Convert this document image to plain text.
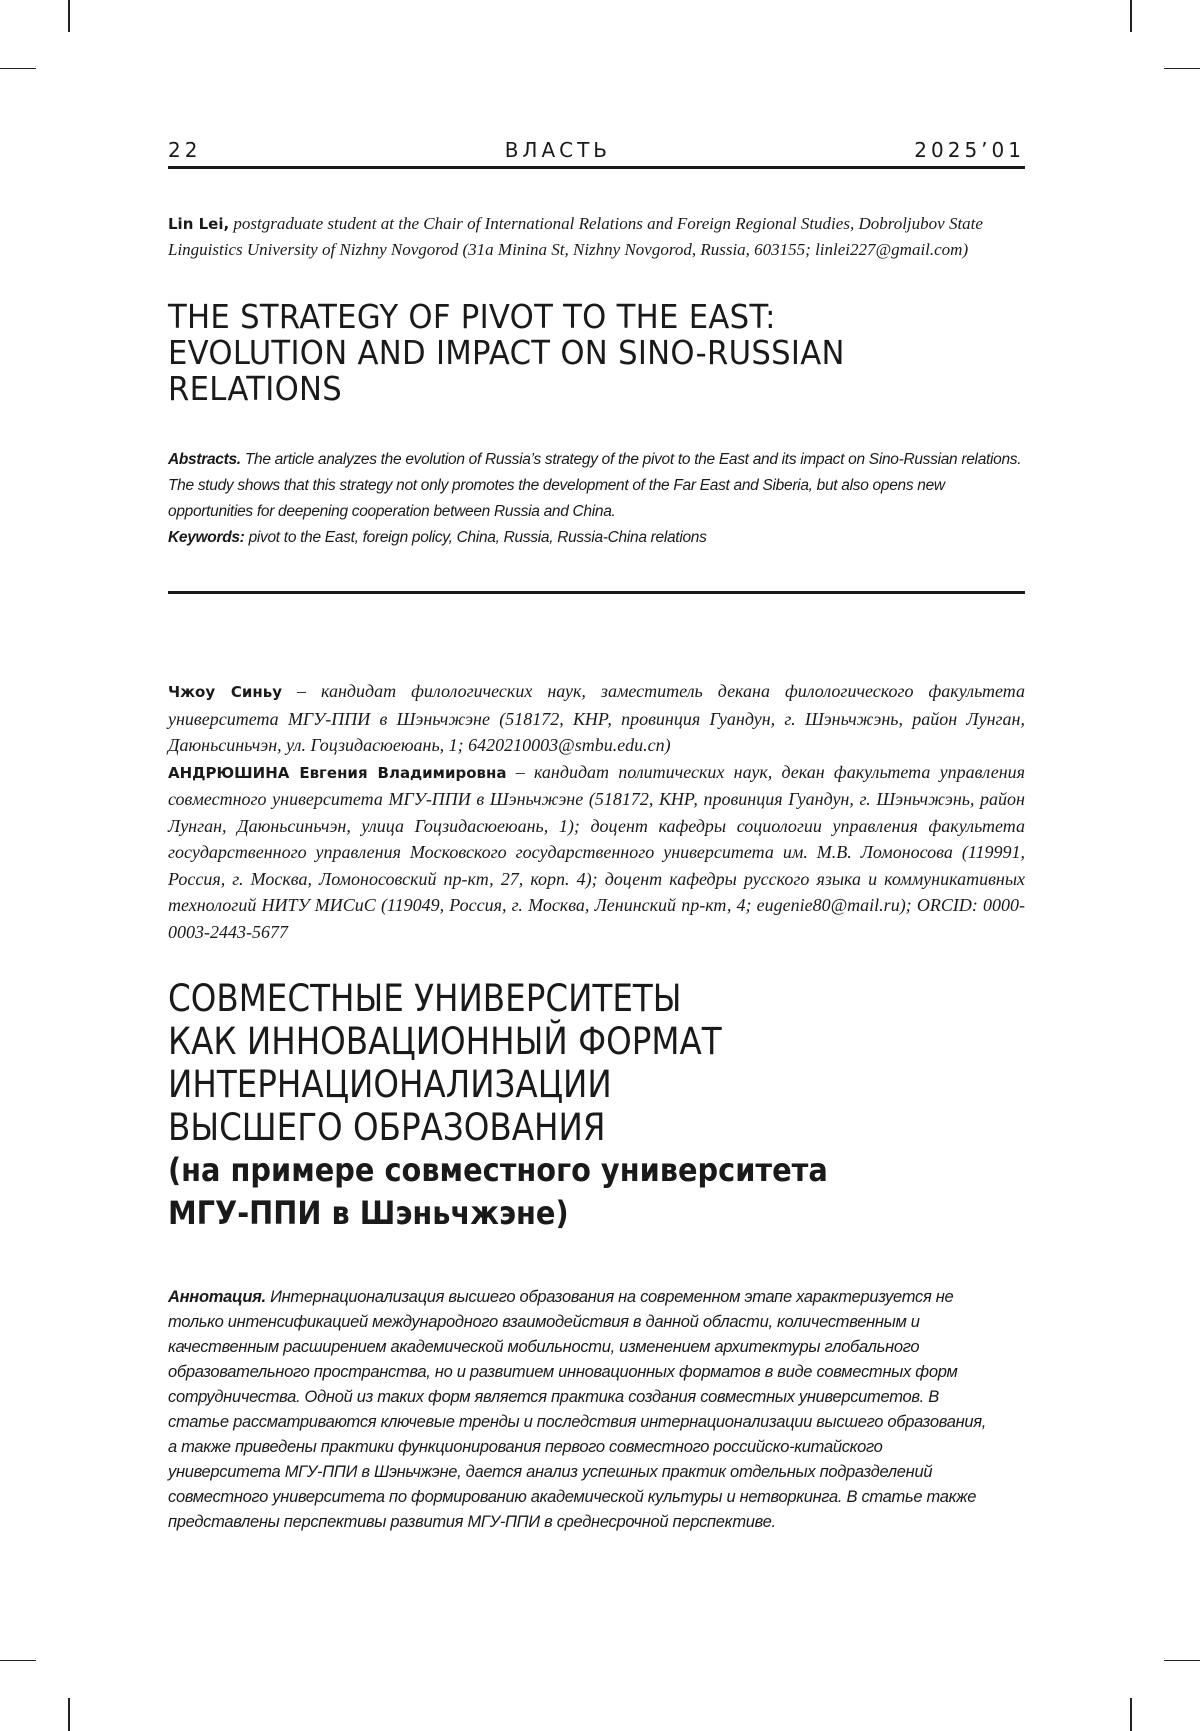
22	ВЛАСТЬ	2025’01
Lin Lei, postgraduate student at the Chair of International Relations and Foreign Regional Studies, Dobroljubov State Linguistics University of Nizhny Novgorod (31a Minina St, Nizhny Novgorod, Russia, 603155; linlei227@gmail.com)
THE STRATEGY OF PIVOT TO THE EAST: EVOLUTION AND IMPACT ON SINO-RUSSIAN RELATIONS
Abstracts. The article analyzes the evolution of Russia’s strategy of the pivot to the East and its impact on Sino-Russian relations. The study shows that this strategy not only promotes the development of the Far East and Siberia, but also opens new opportunities for deepening cooperation between Russia and China.
Keywords: pivot to the East, foreign policy, China, Russia, Russia-China relations
Чжоу Синьу – кандидат филологических наук, заместитель декана филологического факультета университета МГУ-ППИ в Шэньчжэне (518172, КНР, провинция Гуандун, г. Шэньчжэнь, район Лунган, Даюньсиньчэн, ул. Гоцзидасюеюань, 1; 6420210003@smbu.edu.cn)
АНДРЮШИНА Евгения Владимировна – кандидат политических наук, декан факультета управления совместного университета МГУ-ППИ в Шэньчжэне (518172, КНР, провинция Гуандун, г. Шэньчжэнь, район Лунган, Даюньсиньчэн, улица Гоцзидасюеюань, 1); доцент кафедры социологии управления факультета государственного управления Московского государственного университета им. М.В. Ломоносова (119991, Россия, г. Москва, Ломоносовский пр-кт, 27, корп. 4); доцент кафедры русского языка и коммуникативных технологий НИТУ МИСиС (119049, Россия, г. Москва, Ленинский пр-кт, 4; eugenie80@mail.ru); ORCID: 0000-0003-2443-5677
СОВМЕСТНЫЕ УНИВЕРСИТЕТЫ
КАК ИННОВАЦИОННЫЙ ФОРМАТ
ИНТЕРНАЦИОНАЛИЗАЦИИ
ВЫСШЕГО ОБРАЗОВАНИЯ
(на примере совместного университета
МГУ-ППИ в Шэньчжэне)
Аннотация. Интернационализация высшего образования на современном этапе характеризуется не только интенсификацией международного взаимодействия в данной области, количественным и качественным расширением академической мобильности, изменением архитектуры глобального образовательного пространства, но и развитием инновационных форматов в виде совместных форм сотрудничества. Одной из таких форм является практика создания совместных университетов. В статье рассматриваются ключевые тренды и последствия интернационализации высшего образования, а также приведены практики функционирования первого совместного российско-китайского университета МГУ-ППИ в Шэньчжэне, дается анализ успешных практик отдельных подразделений совместного университета по формированию академической культуры и нетворкинга. В статье также представлены перспективы развития МГУ-ППИ в среднесрочной перспективе.
